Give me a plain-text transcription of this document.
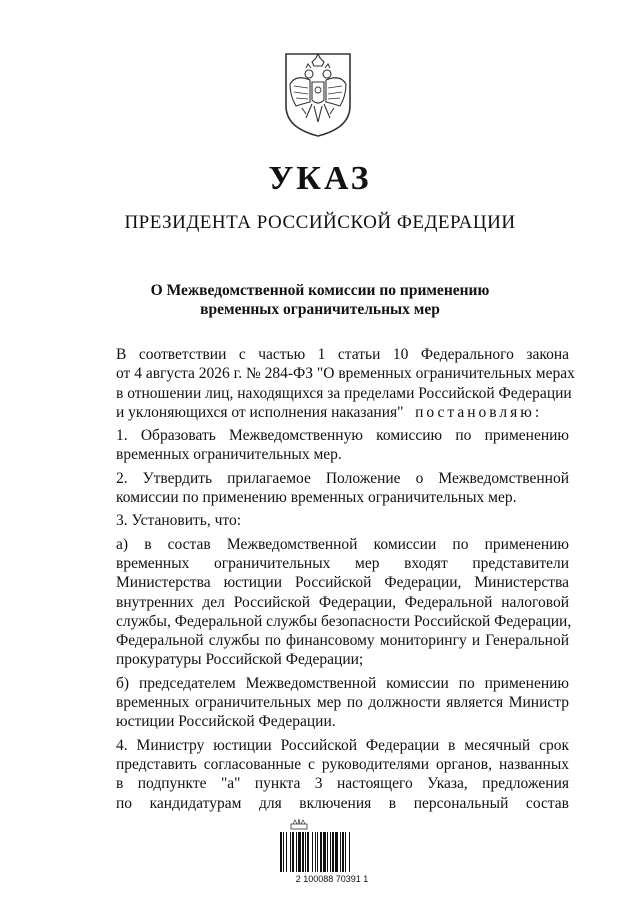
УКАЗ
ПРЕЗИДЕНТА РОССИЙСКОЙ ФЕДЕРАЦИИ
О Межведомственной комиссии по применению
временных ограничительных мер
В соответствии с частью 1 статьи 10 Федерального закона
от 4 августа 2026 г. № 284-ФЗ "О временных ограничительных мерах
в отношении лиц, находящихся за пределами Российской Федерации
и уклоняющихся от исполнения наказания" постановляю:
1. Образовать Межведомственную комиссию по применению
временных ограничительных мер.
2. Утвердить прилагаемое Положение о Межведомственной
комиссии по применению временных ограничительных мер.
3. Установить, что:
а) в состав Межведомственной комиссии по применению
временных ограничительных мер входят представители
Министерства юстиции Российской Федерации, Министерства
внутренних дел Российской Федерации, Федеральной налоговой
службы, Федеральной службы безопасности Российской Федерации,
Федеральной службы по финансовому мониторингу и Генеральной
прокуратуры Российской Федерации;
б) председателем Межведомственной комиссии по применению
временных ограничительных мер по должности является Министр
юстиции Российской Федерации.
4. Министру юстиции Российской Федерации в месячный срок
представить согласованные с руководителями органов, названных
в подпункте "а" пункта 3 настоящего Указа, предложения
по кандидатурам для включения в персональный состав
2 100088 70391 1
